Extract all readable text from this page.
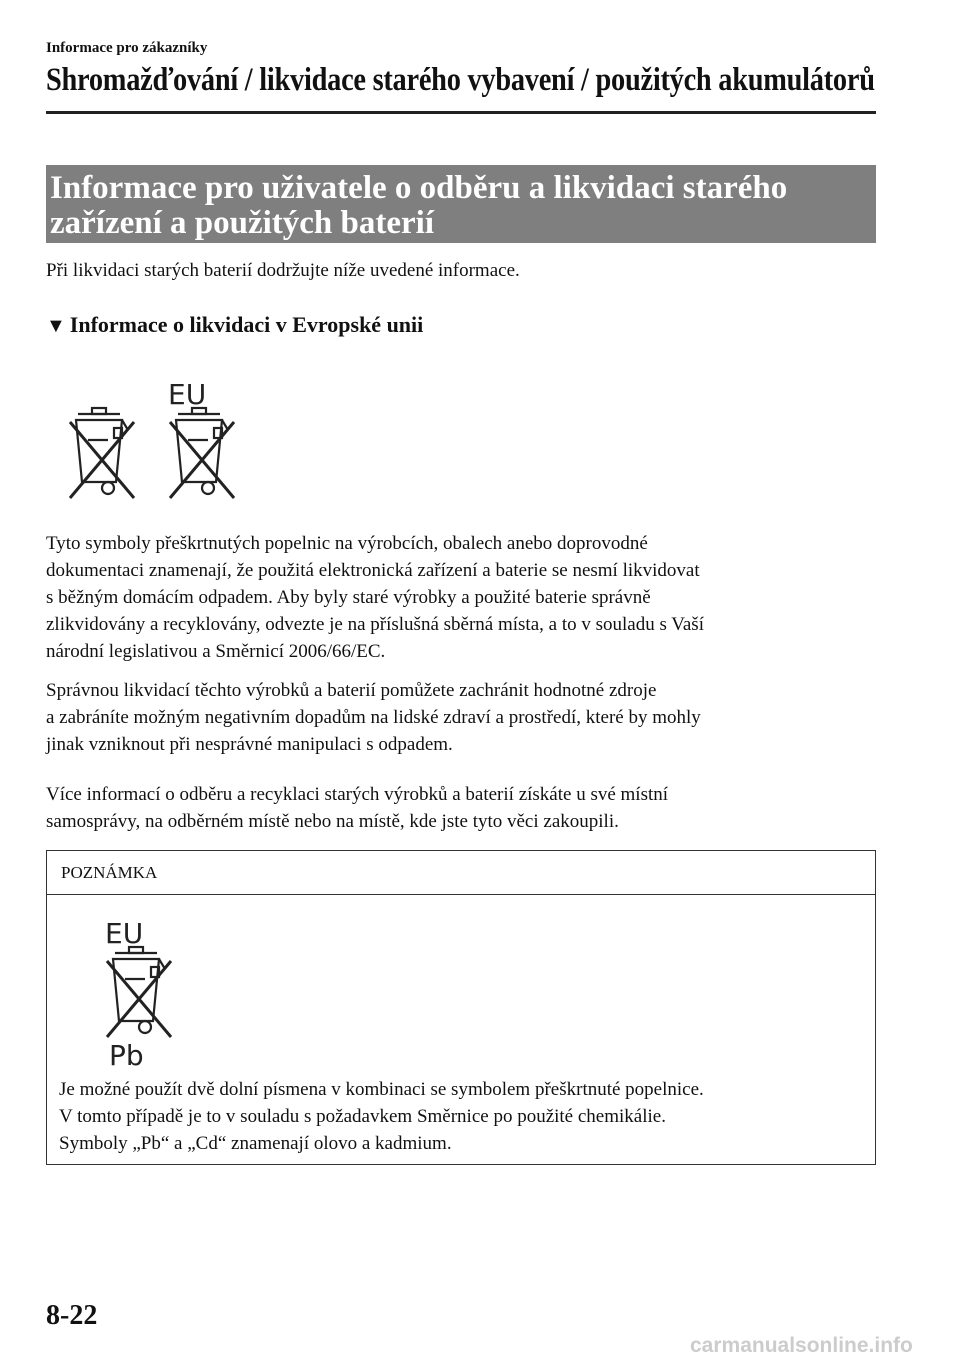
Informace pro zákazníky
Shromažďování / likvidace starého vybavení / použitých akumulátorů
Informace pro uživatele o odběru a likvidaci starého
zařízení a použitých baterií
Při likvidaci starých baterií dodržujte níže uvedené informace.
▼ Informace o likvidaci v Evropské unii
EU
Tyto symboly přeškrtnutých popelnic na výrobcích, obalech anebo doprovodné
dokumentaci znamenají, že použitá elektronická zařízení a baterie se nesmí likvidovat
s běžným domácím odpadem. Aby byly staré výrobky a použité baterie správně
zlikvidovány a recyklovány, odvezte je na příslušná sběrná místa, a to v souladu s Vaší
národní legislativou a Směrnicí 2006/66/EC.
Správnou likvidací těchto výrobků a baterií pomůžete zachránit hodnotné zdroje
a zabráníte možným negativním dopadům na lidské zdraví a prostředí, které by mohly
jinak vzniknout při nesprávné manipulaci s odpadem.
Více informací o odběru a recyklaci starých výrobků a baterií získáte u své místní
samosprávy, na odběrném místě nebo na místě, kde jste tyto věci zakoupili.
POZNÁMKA
EU
Pb
Je možné použít dvě dolní písmena v kombinaci se symbolem přeškrtnuté popelnice.
V tomto případě je to v souladu s požadavkem Směrnice po použité chemikálie.
Symboly „Pb“ a „Cd“ znamenají olovo a kadmium.
8-22
carmanualsonline.info
